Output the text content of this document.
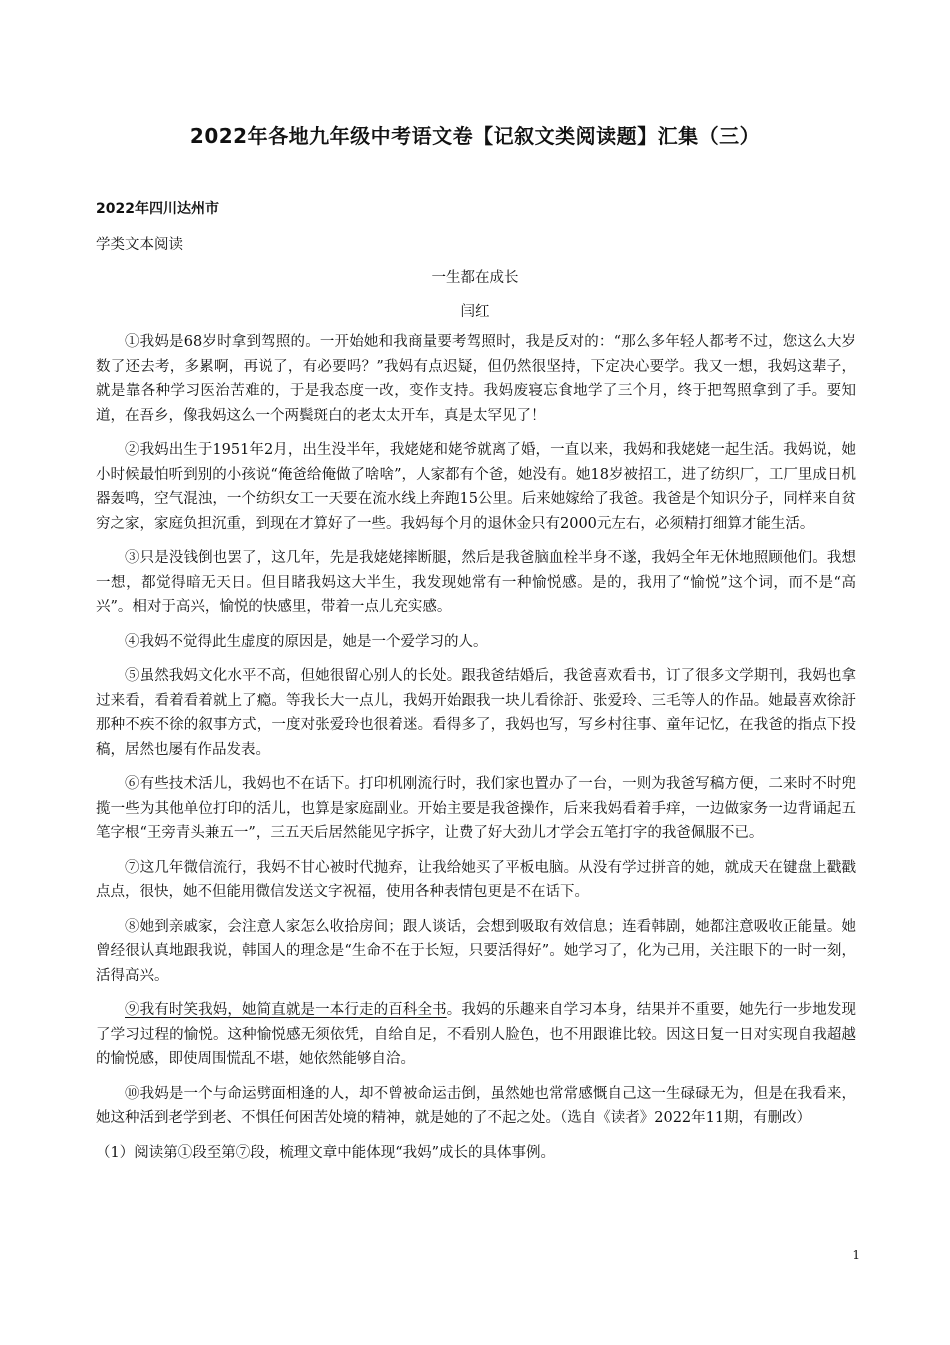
2022年各地九年级中考语文卷【记叙文类阅读题】汇集（三）
2022年四川达州市
学类文本阅读
一生都在成长
闫红

①我妈是68岁时拿到驾照的。一开始她和我商量要考驾照时，我是反对的：“那么多年轻人都考不过，您这么大岁数了还去考，多累啊，再说了，有必要吗？”我妈有点迟疑，但仍然很坚持，下定决心要学。我又一想，我妈这辈子，就是靠各种学习医治苦难的，于是我态度一改，变作支持。我妈废寝忘食地学了三个月，终于把驾照拿到了手。要知道，在吾乡，像我妈这么一个两鬓斑白的老太太开车，真是太罕见了！

②我妈出生于1951年2月，出生没半年，我姥姥和姥爷就离了婚，一直以来，我妈和我姥姥一起生活。我妈说，她小时候最怕听到别的小孩说“俺爸给俺做了啥啥”，人家都有个爸，她没有。她18岁被招工，进了纺织厂，工厂里成日机器轰鸣，空气混浊，一个纺织女工一天要在流水线上奔跑15公里。后来她嫁给了我爸。我爸是个知识分子，同样来自贫穷之家，家庭负担沉重，到现在才算好了一些。我妈每个月的退休金只有2000元左右，必须精打细算才能生活。

③只是没钱倒也罢了，这几年，先是我姥姥摔断腿，然后是我爸脑血栓半身不遂，我妈全年无休地照顾他们。我想一想，都觉得暗无天日。但目睹我妈这大半生，我发现她常有一种愉悦感。是的，我用了“愉悦”这个词，而不是“高兴”。相对于高兴，愉悦的快感里，带着一点儿充实感。

④我妈不觉得此生虚度的原因是，她是一个爱学习的人。

⑤虽然我妈文化水平不高，但她很留心别人的长处。跟我爸结婚后，我爸喜欢看书，订了很多文学期刊，我妈也拿过来看，看着看着就上了瘾。等我长大一点儿，我妈开始跟我一块儿看徐訏、张爱玲、三毛等人的作品。她最喜欢徐訏那种不疾不徐的叙事方式，一度对张爱玲也很着迷。看得多了，我妈也写，写乡村往事、童年记忆，在我爸的指点下投稿，居然也屡有作品发表。

⑥有些技术活儿，我妈也不在话下。打印机刚流行时，我们家也置办了一台，一则为我爸写稿方便，二来时不时兜揽一些为其他单位打印的活儿，也算是家庭副业。开始主要是我爸操作，后来我妈看着手痒，一边做家务一边背诵起五笔字根“王旁青头兼五一”，三五天后居然能见字拆字，让费了好大劲儿才学会五笔打字的我爸佩服不已。

⑦这几年微信流行，我妈不甘心被时代抛弃，让我给她买了平板电脑。从没有学过拼音的她，就成天在键盘上戳戳点点，很快，她不但能用微信发送文字祝福，使用各种表情包更是不在话下。

⑧她到亲戚家，会注意人家怎么收拾房间；跟人谈话，会想到吸取有效信息；连看韩剧，她都注意吸收正能量。她曾经很认真地跟我说，韩国人的理念是“生命不在于长短，只要活得好”。她学习了，化为己用，关注眼下的一时一刻，活得高兴。

⑨我有时笑我妈，她简直就是一本行走的百科全书。我妈的乐趣来自学习本身，结果并不重要，她先行一步地发现了学习过程的愉悦。这种愉悦感无须依凭，自给自足，不看别人脸色，也不用跟谁比较。因这日复一日对实现自我超越的愉悦感，即使周围慌乱不堪，她依然能够自洽。

⑩我妈是一个与命运劈面相逢的人，却不曾被命运击倒，虽然她也常常感慨自己这一生碌碌无为，但是在我看来，她这种活到老学到老、不惧任何困苦处境的精神，就是她的了不起之处。（选自《读者》2022年11期，有删改）

（1）阅读第①段至第⑦段，梳理文章中能体现“我妈”成长的具体事例。

1
